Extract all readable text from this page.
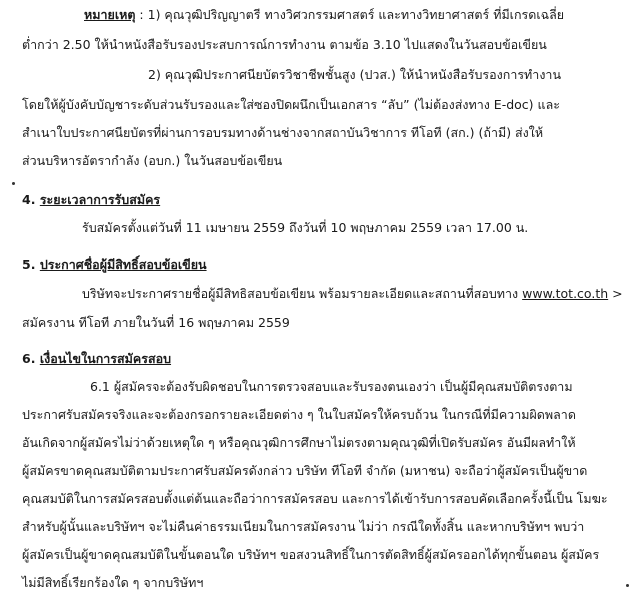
หมายเหตุ : 1) คุณวุฒิปริญญาตรี ทางวิศวกรรมศาสตร์ และทางวิทยาศาสตร์ ที่มีเกรดเฉลี่ย
ต่ำกว่า 2.50 ให้นำหนังสือรับรองประสบการณ์การทำงาน ตามข้อ 3.10 ไปแสดงในวันสอบข้อเขียน
2) คุณวุฒิประกาศนียบัตรวิชาชีพชั้นสูง (ปวส.) ให้นำหนังสือรับรองการทำงาน
โดยให้ผู้บังคับบัญชาระดับส่วนรับรองและใส่ซองปิดผนึกเป็นเอกสาร “ลับ” (ไม่ต้องส่งทาง E-doc) และ
สำเนาใบประกาศนียบัตรที่ผ่านการอบรมทางด้านช่างจากสถาบันวิชาการ ทีโอที (สก.) (ถ้ามี) ส่งให้
ส่วนบริหารอัตรากำลัง (อบก.) ในวันสอบข้อเขียน
4. ระยะเวลาการรับสมัคร
รับสมัครตั้งแต่วันที่ 11 เมษายน 2559 ถึงวันที่ 10 พฤษภาคม 2559 เวลา 17.00 น.
5. ประกาศชื่อผู้มีสิทธิ์สอบข้อเขียน
บริษัทจะประกาศรายชื่อผู้มีสิทธิสอบข้อเขียน พร้อมรายละเอียดและสถานที่สอบทาง www.tot.co.th >
สมัครงาน ทีโอที ภายในวันที่ 16 พฤษภาคม 2559
6. เงื่อนไขในการสมัครสอบ
6.1 ผู้สมัครจะต้องรับผิดชอบในการตรวจสอบและรับรองตนเองว่า เป็นผู้มีคุณสมบัติตรงตาม
ประกาศรับสมัครจริงและจะต้องกรอกรายละเอียดต่าง ๆ ในใบสมัครให้ครบถ้วน ในกรณีที่มีความผิดพลาด
อันเกิดจากผู้สมัครไม่ว่าด้วยเหตุใด ๆ หรือคุณวุฒิการศึกษาไม่ตรงตามคุณวุฒิที่เปิดรับสมัคร อันมีผลทำให้
ผู้สมัครขาดคุณสมบัติตามประกาศรับสมัครดังกล่าว บริษัท ทีโอที จำกัด (มหาชน) จะถือว่าผู้สมัครเป็นผู้ขาด
คุณสมบัติในการสมัครสอบตั้งแต่ต้นและถือว่าการสมัครสอบ และการได้เข้ารับการสอบคัดเลือกครั้งนี้เป็น โมฆะ
สำหรับผู้นั้นและบริษัทฯ จะไม่คืนค่าธรรมเนียมในการสมัครงาน ไม่ว่า กรณีใดทั้งสิ้น และหากบริษัทฯ พบว่า
ผู้สมัครเป็นผู้ขาดคุณสมบัติในขั้นตอนใด บริษัทฯ ขอสงวนสิทธิ์ในการตัดสิทธิ์ผู้สมัครออกได้ทุกขั้นตอน ผู้สมัคร
ไม่มีสิทธิ์เรียกร้องใด ๆ จากบริษัทฯ
